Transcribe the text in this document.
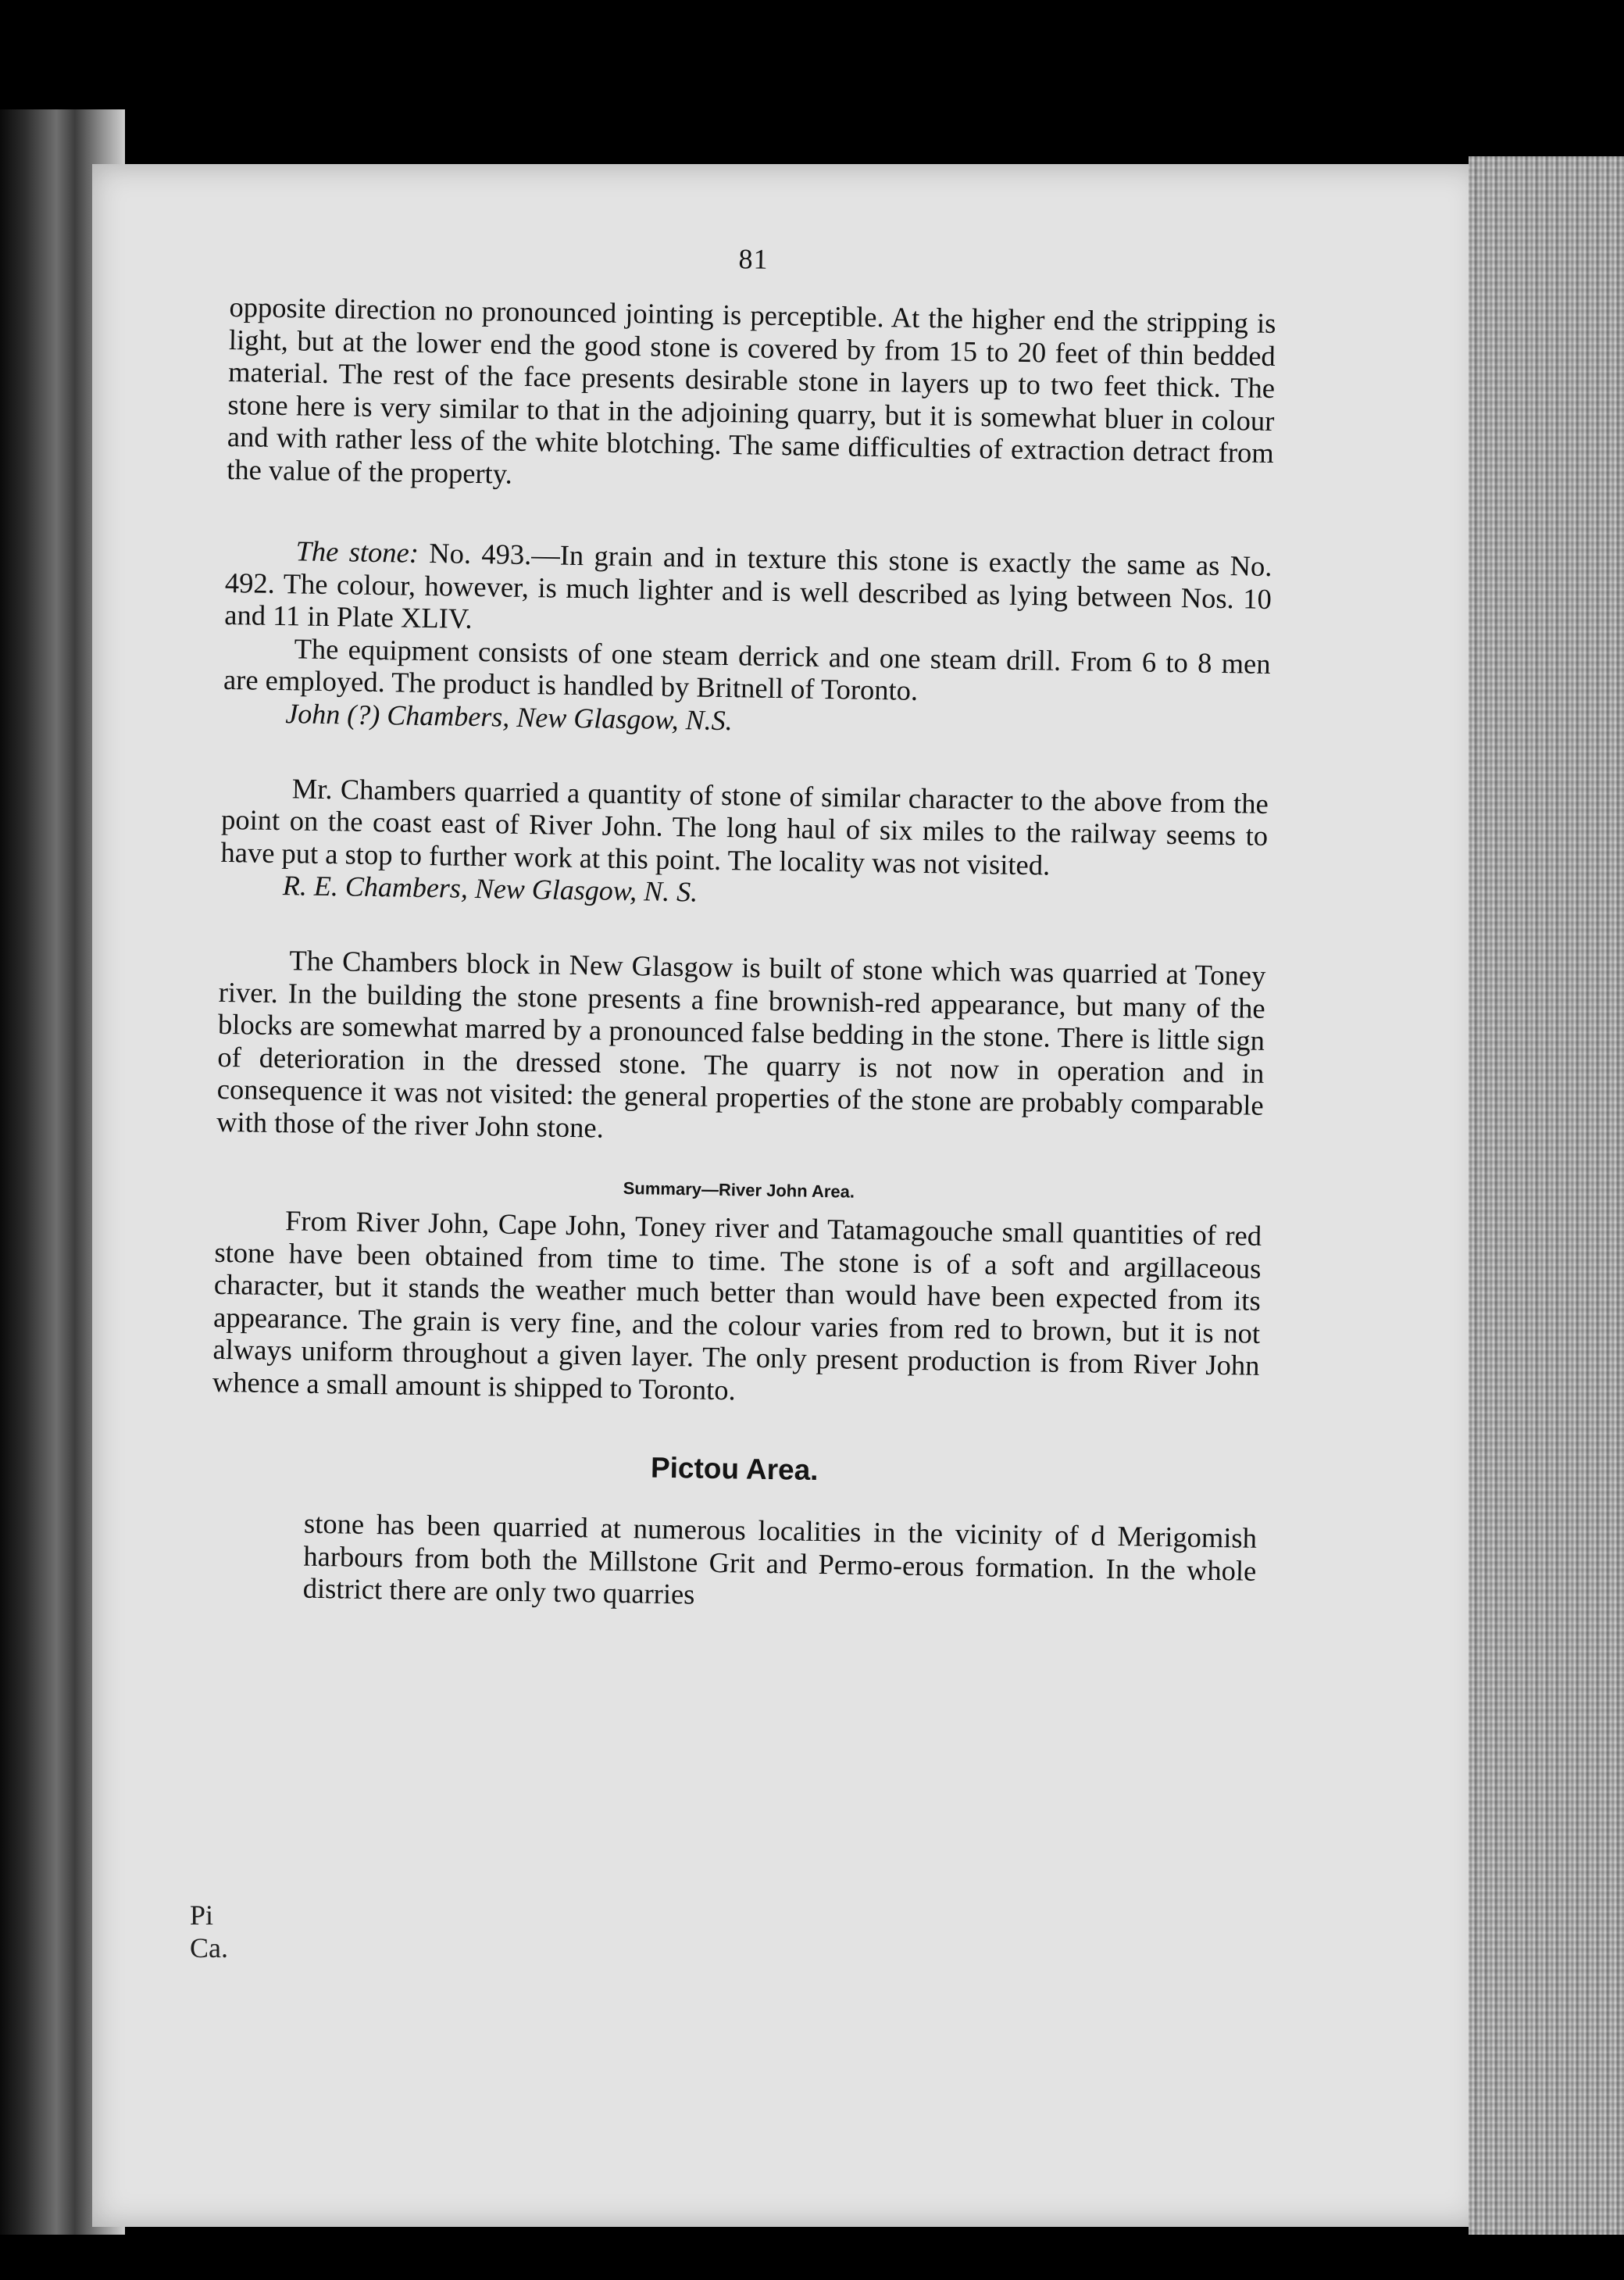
81

opposite direction no pronounced jointing is perceptible. At the higher end the stripping is light, but at the lower end the good stone is covered by from 15 to 20 feet of thin bedded material. The rest of the face presents desirable stone in layers up to two feet thick. The stone here is very similar to that in the adjoining quarry, but it is somewhat bluer in colour and with rather less of the white blotching. The same difficulties of extraction detract from the value of the property.

The stone: No. 493.—In grain and in texture this stone is exactly the same as No. 492. The colour, however, is much lighter and is well described as lying between Nos. 10 and 11 in Plate XLIV.

The equipment consists of one steam derrick and one steam drill. From 6 to 8 men are employed. The product is handled by Britnell of Toronto.

John (?) Chambers, New Glasgow, N.S.

Mr. Chambers quarried a quantity of stone of similar character to the above from the point on the coast east of River John. The long haul of six miles to the railway seems to have put a stop to further work at this point. The locality was not visited.

R. E. Chambers, New Glasgow, N. S.

The Chambers block in New Glasgow is built of stone which was quarried at Toney river. In the building the stone presents a fine brownish-red appearance, but many of the blocks are somewhat marred by a pronounced false bedding in the stone. There is little sign of deterioration in the dressed stone. The quarry is not now in operation and in consequence it was not visited: the general properties of the stone are probably comparable with those of the river John stone.

Summary—River John Area.

From River John, Cape John, Toney river and Tatamagouche small quantities of red stone have been obtained from time to time. The stone is of a soft and argillaceous character, but it stands the weather much better than would have been expected from its appearance. The grain is very fine, and the colour varies from red to brown, but it is not always uniform throughout a given layer. The only present production is from River John whence a small amount is shipped to Toronto.

Pictou Area.

stone has been quarried at numerous localities in the vicinity of d Merigomish harbours from both the Millstone Grit and Permo-erous formation. In the whole district there are only two quarries

Pi
Ca.
